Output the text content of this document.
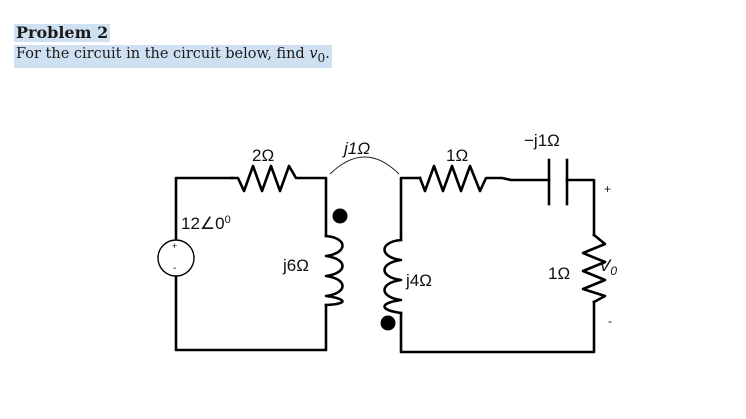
Problem 2
For the circuit in the circuit below, find $v_0$.
+
-
$12\angle 0^0$
2Ω	j1Ω
j6Ω
j4Ω
1Ω
−j1Ω
1Ω $V_0$
+
-
